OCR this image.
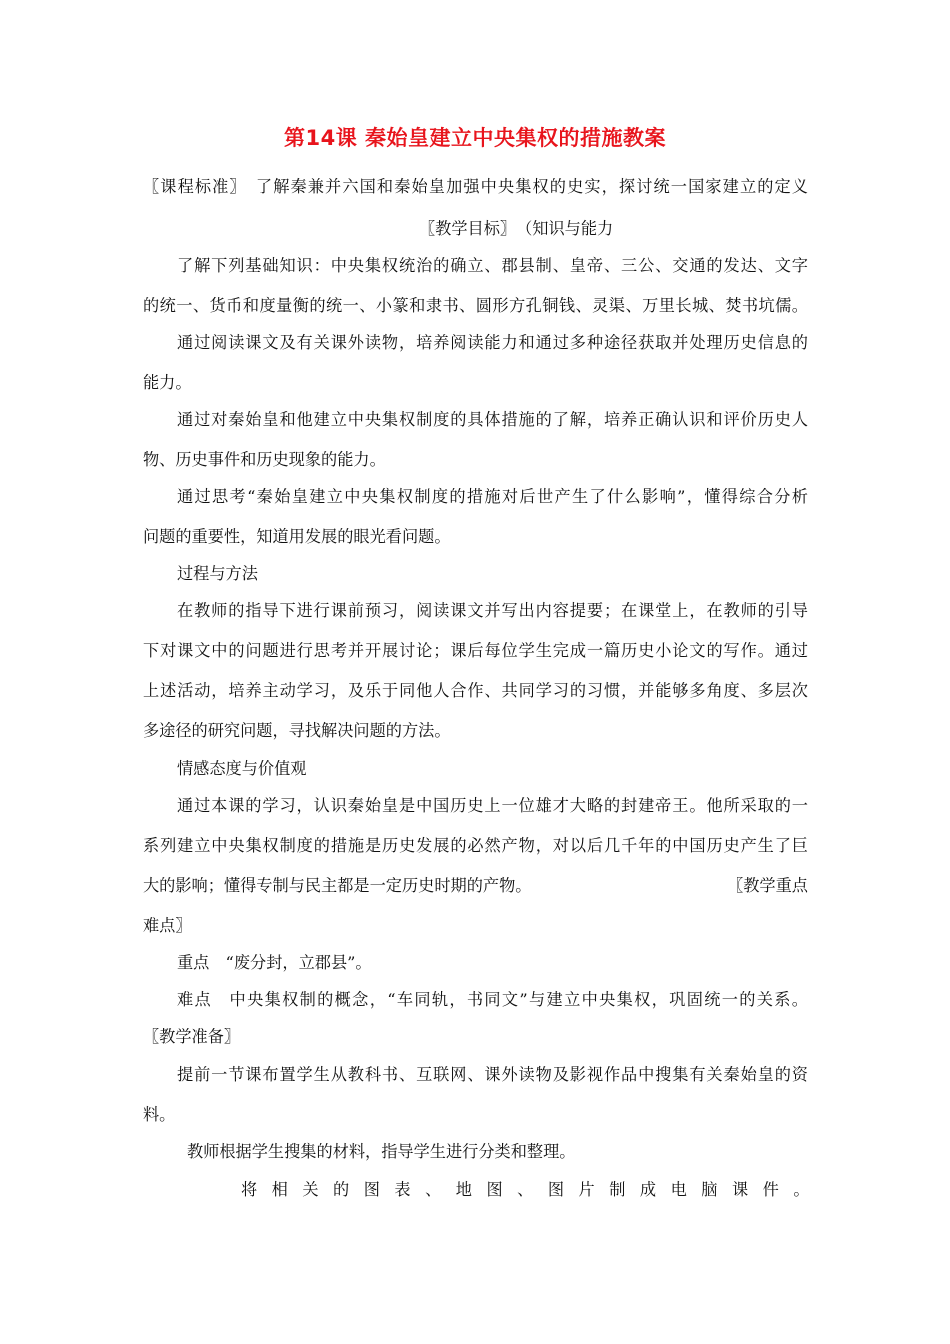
第14课 秦始皇建立中央集权的措施教案
〖课程标准〗　了解秦兼并六国和秦始皇加强中央集权的史实，探讨统一国家建立的定义
〖教学目标〗　（知识与能力
了解下列基础知识：中央集权统治的确立、郡县制、皇帝、三公、交通的发达、文字
的统一、货币和度量衡的统一、小篆和隶书、圆形方孔铜钱、灵渠、万里长城、焚书坑儒。
通过阅读课文及有关课外读物，培养阅读能力和通过多种途径获取并处理历史信息的
能力。
通过对秦始皇和他建立中央集权制度的具体措施的了解，培养正确认识和评价历史人
物、历史事件和历史现象的能力。
通过思考“秦始皇建立中央集权制度的措施对后世产生了什么影响”，懂得综合分析
问题的重要性，知道用发展的眼光看问题。
过程与方法
在教师的指导下进行课前预习，阅读课文并写出内容提要；在课堂上，在教师的引导
下对课文中的问题进行思考并开展讨论；课后每位学生完成一篇历史小论文的写作。通过
上述活动，培养主动学习，及乐于同他人合作、共同学习的习惯，并能够多角度、多层次
多途径的研究问题，寻找解决问题的方法。
情感态度与价值观
通过本课的学习，认识秦始皇是中国历史上一位雄才大略的封建帝王。他所采取的一
系列建立中央集权制度的措施是历史发展的必然产物，对以后几千年的中国历史产生了巨
大的影响；懂得专制与民主都是一定历史时期的产物。	〖教学重点
难点〗
重点　“废分封，立郡县”。
难点　中央集权制的概念，“车同轨，书同文”与建立中央集权，巩固统一的关系。
〖教学准备〗
提前一节课布置学生从教科书、互联网、课外读物及影视作品中搜集有关秦始皇的资
料。
教师根据学生搜集的材料，指导学生进行分类和整理。
将相关的图表、地图、图片制成电脑课件。
